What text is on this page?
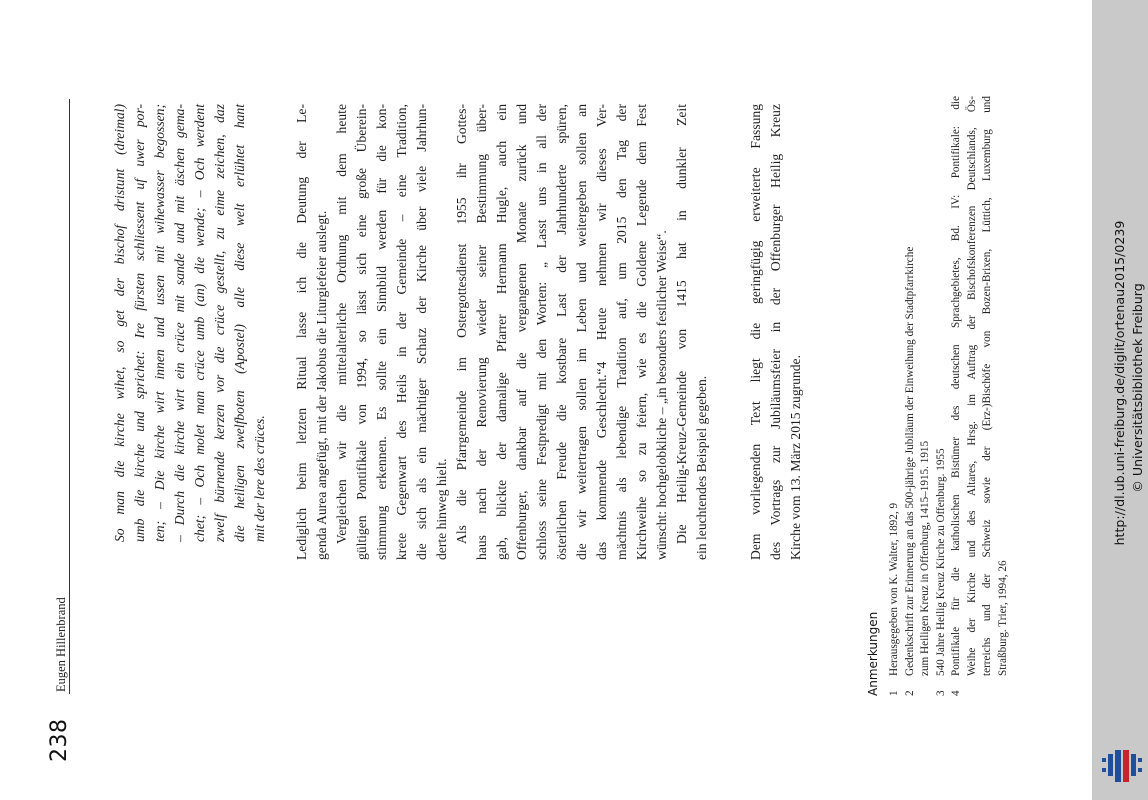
http://dl.ub.uni-freiburg.de/diglit/ortenau2015/0239 © Universitätsbibliothek Freiburg
238
Eugen Hillenbrand
So man die kirche wihet, so get der bischof dristunt (dreimal) umb die kirche und sprichet: Ire fürsten schliessent uf uwer por- ten; – Die kirche wirt innen und ussen mit wihewasser begossen; – Durch die kirche wirt ein crüce mit sande und mit äschen gema- chet; – Och molet man crüce umb (an) die wende; – Och werdent zwelf bürnende kerzen vor die crüce gestellt, zu eime zeichen, daz die heiligen zwelfboten (Apostel) alle diese welt erlühtet hant mit der lere des crüces. Lediglich beim letzten Ritual lasse ich die Deutung der Le- genda Aurea angefügt, mit der Jakobus die Liturgiefeier auslegt. Vergleichen wir die mittelalterliche Ordnung mit dem heute gültigen Pontifikale von 1994, so lässt sich eine große Überein- stimmung erkennen. Es sollte ein Sinnbild werden für die kon- krete Gegenwart des Heils in der Gemeinde – eine Tradition, die sich als ein mächtiger Schatz der Kirche über viele Jahrhun- derte hinweg hielt. Als die Pfarrgemeinde im Ostergottesdienst 1955 ihr Gottes- haus nach der Renovierung wieder seiner Bestimmung über- gab, blickte der damalige Pfarrer Hermann Hugle, auch ein Offenburger, dankbar auf die vergangenen Monate zurück und schloss seine Festpredigt mit den Worten: „ Lasst uns in all der österlichen Freude die kostbare Last der Jahrhunderte spüren, die wir weitertragen sollen im Leben und weitergeben sollen an das kommende Geschlecht.“4 Heute nehmen wir dieses Ver- mächtnis als lebendige Tradition auf, um 2015 den Tag der Kirchweihe so zu feiern, wie es die Goldene Legende dem Fest wünscht: hochgelobkliche – „in besonders festlicher Weise“. Die Heilig-Kreuz-Gemeinde von 1415 hat in dunkler Zeit ein leuchtendes Beispiel gegeben.	Dem vorliegenden Text liegt die geringfügig erweiterte Fassung des Vortrags zur Jubiläumsfeier in der Offenburger Heilig Kreuz Kirche vom 13. März 2015 zugrunde.
Anmerkungen 1
Herausgegeben von K. Walter, 1892, 9
2
Gedenkschrift zur Erinnerung an das 500-jährige Jubiläum der Einweihung der Stadtpfarrkirche zum Heiligen Kreuz in Offenburg, 1415–1915. 1915
3
540 Jahre Heilig Kreuz Kirche zu Offenburg. 1955
4
Pontifikale für die katholischen Bistümer des deutschen Sprachgebietes, Bd. IV: Pontifikale: die Weihe der Kirche und des Altares, Hrsg. im Auftrag der Bischofskonferenzen Deutschlands, Ös- terreichs und der Schweiz sowie der (Erz-)Bischöfe von Bozen-Brixen, Lüttich, Luxemburg und Straßburg. Trier, 1994, 26
